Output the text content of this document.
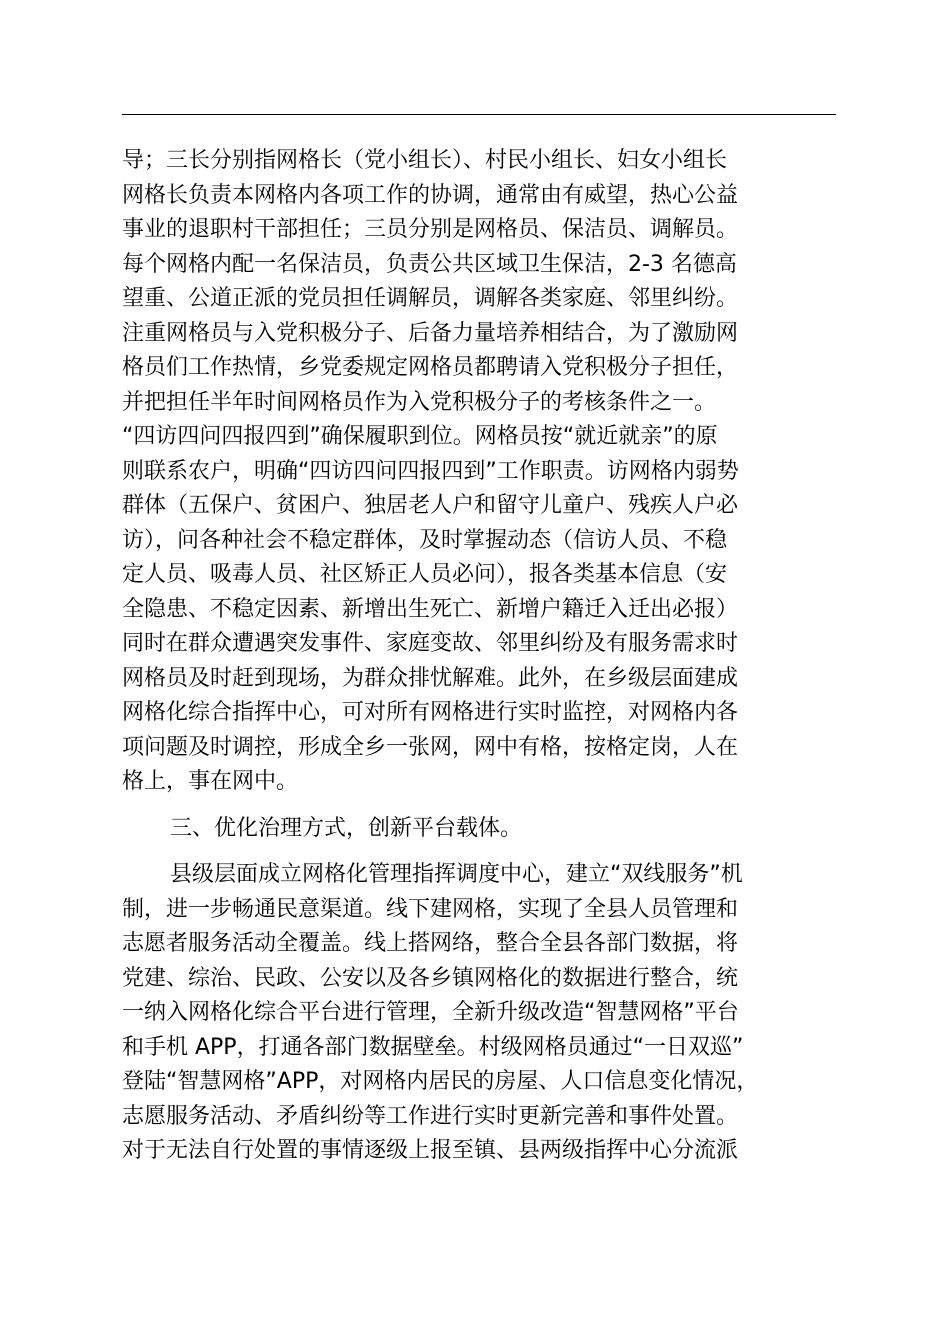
导；三长分别指网格长（党小组长）、村民小组长、妇女小组长
网格长负责本网格内各项工作的协调，通常由有威望，热心公益
事业的退职村干部担任；三员分别是网格员、保洁员、调解员。
每个网格内配一名保洁员，负责公共区域卫生保洁，2-3 名德高
望重、公道正派的党员担任调解员，调解各类家庭、邻里纠纷。
注重网格员与入党积极分子、后备力量培养相结合，为了激励网
格员们工作热情，乡党委规定网格员都聘请入党积极分子担任，
并把担任半年时间网格员作为入党积极分子的考核条件之一。
“四访四问四报四到”确保履职到位。网格员按“就近就亲”的原
则联系农户，明确“四访四问四报四到”工作职责。访网格内弱势
群体（五保户、贫困户、独居老人户和留守儿童户、残疾人户必
访），问各种社会不稳定群体，及时掌握动态（信访人员、不稳
定人员、吸毒人员、社区矫正人员必问），报各类基本信息（安
全隐患、不稳定因素、新增出生死亡、新增户籍迁入迁出必报）
同时在群众遭遇突发事件、家庭变故、邻里纠纷及有服务需求时
网格员及时赶到现场，为群众排忧解难。此外，在乡级层面建成
网格化综合指挥中心，可对所有网格进行实时监控，对网格内各
项问题及时调控，形成全乡一张网，网中有格，按格定岗，人在
格上，事在网中。
三、优化治理方式，创新平台载体。
县级层面成立网格化管理指挥调度中心，建立“双线服务”机
制，进一步畅通民意渠道。线下建网格，实现了全县人员管理和
志愿者服务活动全覆盖。线上搭网络，整合全县各部门数据，将
党建、综治、民政、公安以及各乡镇网格化的数据进行整合，统
一纳入网格化综合平台进行管理，全新升级改造“智慧网格”平台
和手机 APP，打通各部门数据壁垒。村级网格员通过“一日双巡”
登陆“智慧网格”APP，对网格内居民的房屋、人口信息变化情况，
志愿服务活动、矛盾纠纷等工作进行实时更新完善和事件处置。
对于无法自行处置的事情逐级上报至镇、县两级指挥中心分流派
